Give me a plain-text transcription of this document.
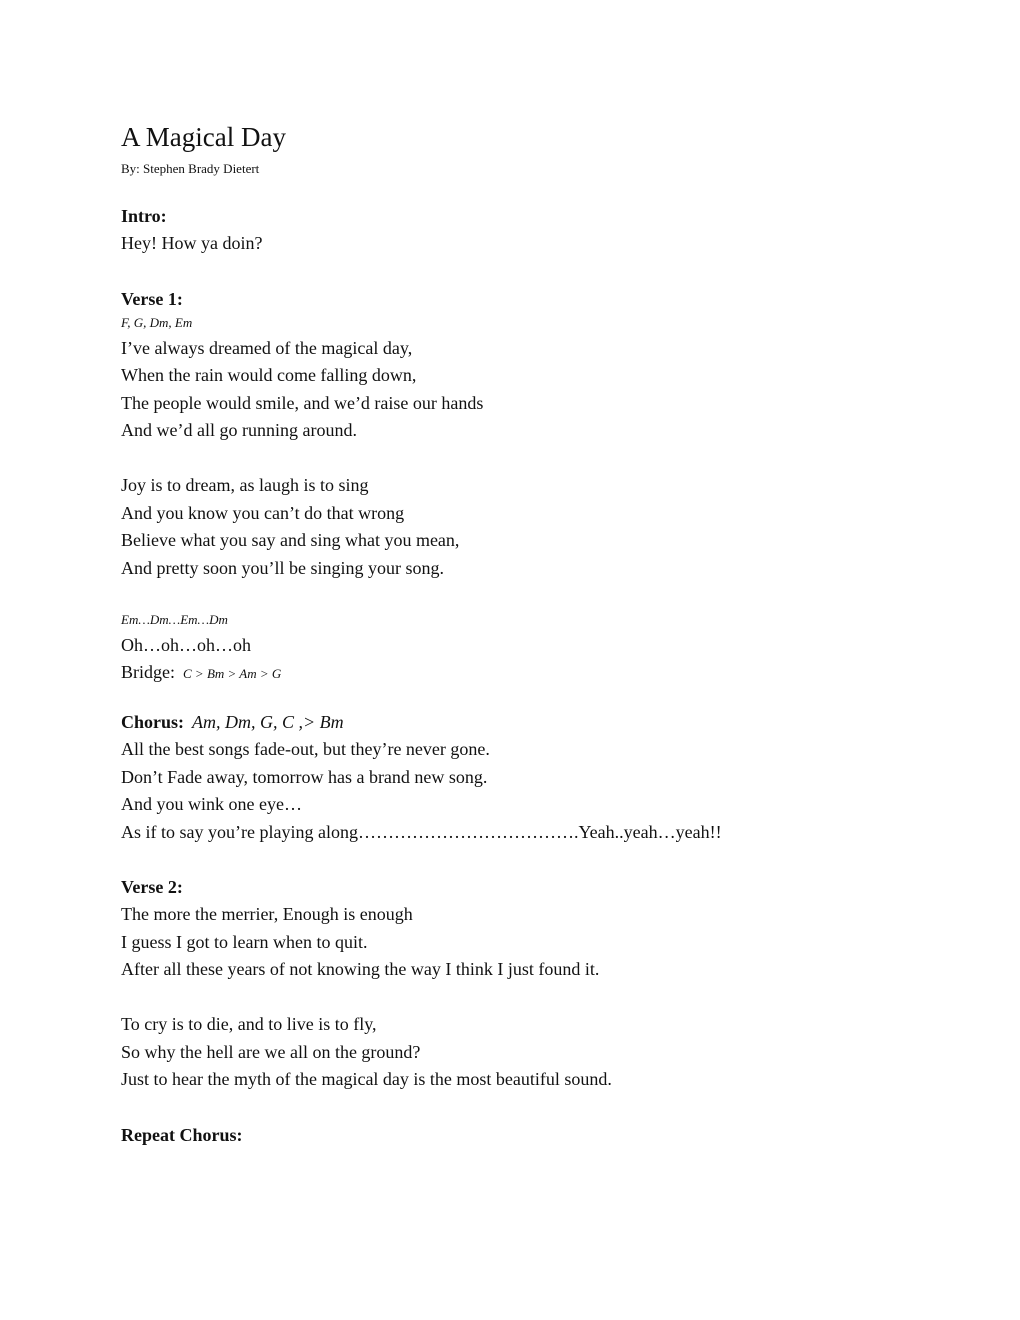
A Magical Day
By: Stephen Brady Dietert
Intro:
Hey! How ya doin?
Verse 1:
F, G, Dm, Em
I’ve always dreamed of the magical day,
When the rain would come falling down,
The people would smile, and we’d raise our hands
And we’d all go running around.
Joy is to dream, as laugh is to sing
And you know you can’t do that wrong
Believe what you say and sing what you mean,
And pretty soon you’ll be singing your song.
Em…Dm…Em…Dm
Oh…oh…oh…oh
Bridge: C > Bm > Am > G
Chorus: Am, Dm, G, C ,> Bm
All the best songs fade-out, but they’re never gone.
Don’t Fade away, tomorrow has a brand new song.
And you wink one eye…
As if to say you’re playing along……………………………….Yeah..yeah…yeah!!
Verse 2:
The more the merrier, Enough is enough
I guess I got to learn when to quit.
After all these years of not knowing the way I think I just found it.
To cry is to die, and to live is to fly,
So why the hell are we all on the ground?
Just to hear the myth of the magical day is the most beautiful sound.
Repeat Chorus:
